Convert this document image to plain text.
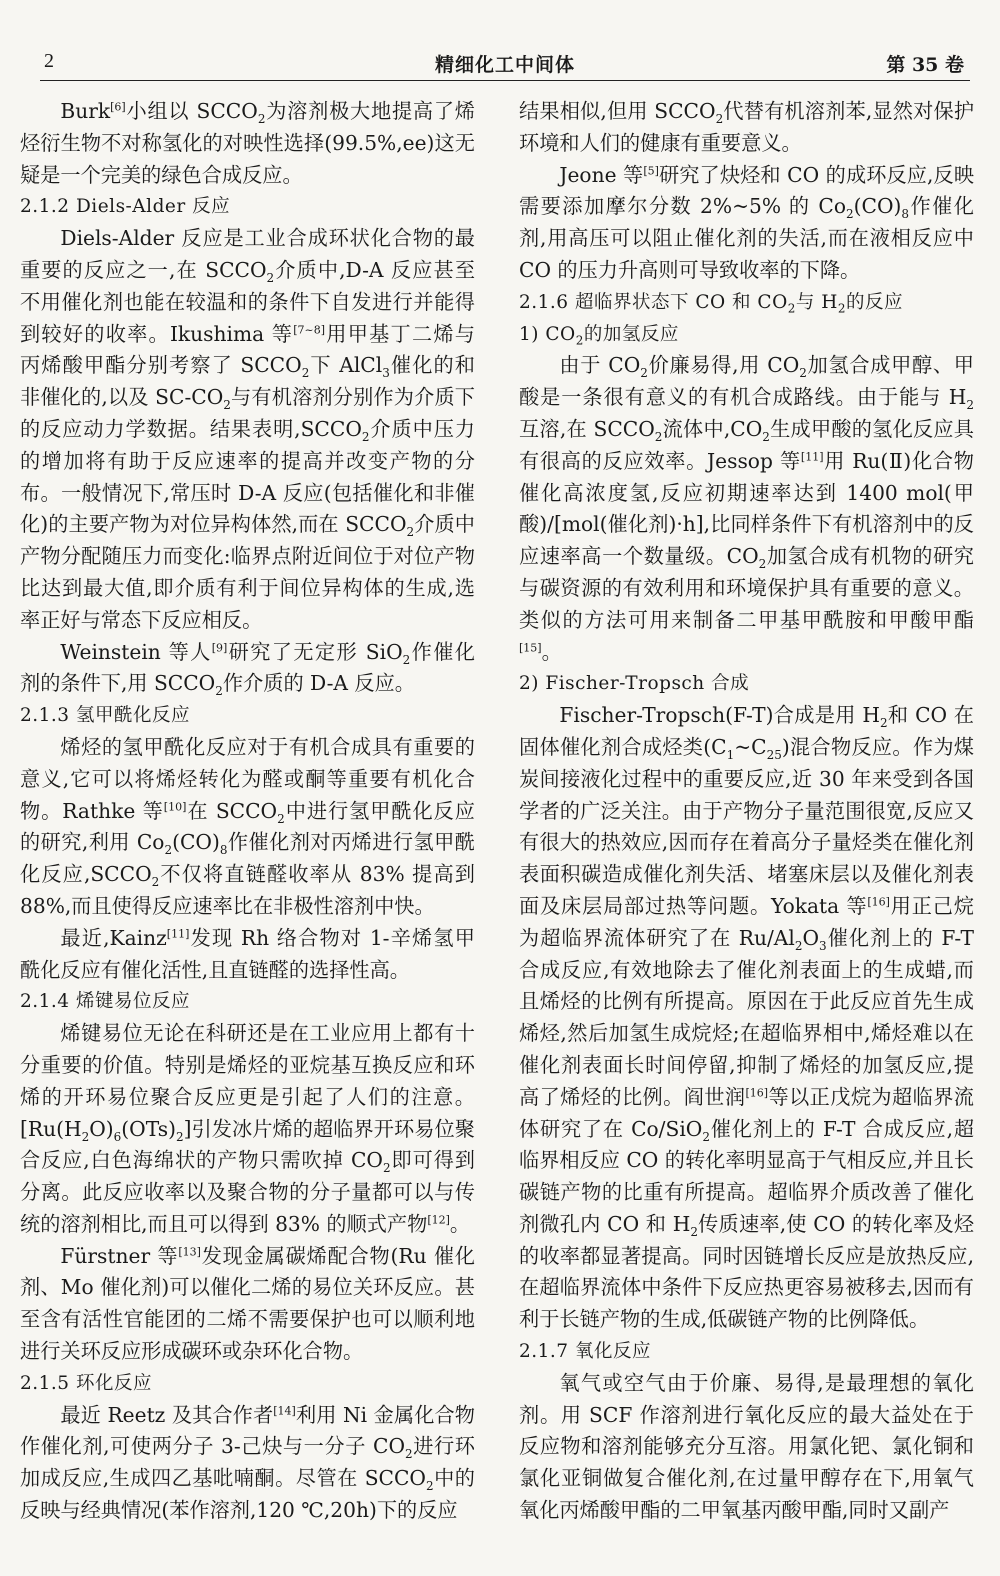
2	精细化工中间体	第 35 卷

Burk[6]小组以 $SCCO_2$为溶剂极大地提高了烯烃衍生物不对称氢化的对映性选择(99.5%,ee)这无疑是一个完美的绿色合成反应。

2.1.2 Diels-Alder 反应

Diels-Alder 反应是工业合成环状化合物的最重要的反应之一,在 $SCCO_2$介质中,D-A 反应甚至不用催化剂也能在较温和的条件下自发进行并能得到较好的收率。Ikushima 等[7~8]用甲基丁二烯与丙烯酸甲酯分别考察了 $SCCO_2$下 AlCl$_3$催化的和非催化的,以及 $SC-CO_2$与有机溶剂分别作为介质下的反应动力学数据。结果表明$,SCCO_2$介质中压力的增加将有助于反应速率的提高并改变产物的分布。一般情况下,常压时 D-A 反应(包括催化和非催化)的主要产物为对位异构体然,而在 $SCCO_2$介质中产物分配随压力而变化:临界点附近间位于对位产物比达到最大值,即介质有利于间位异构体的生成,选率正好与常态下反应相反。

Weinstein 等人[9]研究了无定形 SiO$_2$作催化剂的条件下,用 $SCCO_2$作介质的 D-A 反应。

2.1.3 氢甲酰化反应

烯烃的氢甲酰化反应对于有机合成具有重要的意义,它可以将烯烃转化为醛或酮等重要有机化合物。Rathke 等[10]在 $SCCO_2$中进行氢甲酰化反应的研究,利用 $Co_2(CO)_8$作催化剂对丙烯进行氢甲酰化反应$,SCCO_2$不仅将直链醛收率从 83% 提高到 88%,而且使得反应速率比在非极性溶剂中快。

最近,Kainz[11]发现 Rh 络合物对 1-辛烯氢甲酰化反应有催化活性,且直链醛的选择性高。

2.1.4 烯键易位反应

烯键易位无论在科研还是在工业应用上都有十分重要的价值。特别是烯烃的亚烷基互换反应和环烯的开环易位聚合反应更是引起了人们的注意。$[Ru(H_2O)_6(OTs)_2]$引发冰片烯的超临界开环易位聚合反应,白色海绵状的产物只需吹掉 $CO_2$即可得到分离。此反应收率以及聚合物的分子量都可以与传统的溶剂相比,而且可以得到 83% 的顺式产物[12]。

Fürstner 等[13]发现金属碳烯配合物(Ru 催化剂、Mo 催化剂)可以催化二烯的易位关环反应。甚至含有活性官能团的二烯不需要保护也可以顺利地进行关环反应形成碳环或杂环化合物。

2.1.5 环化反应

最近 Reetz 及其合作者[14]利用 Ni 金属化合物作催化剂,可使两分子 3-己炔与一分子 $CO_2$进行环加成反应,生成四乙基吡喃酮。尽管在 $SCCO_2$中的反映与经典情况(苯作溶剂,120 ℃,20h)下的反应

结果相似,但用 $SCCO_2$代替有机溶剂苯,显然对保护环境和人们的健康有重要意义。

Jeone 等[5]研究了炔烃和 CO 的成环反应,反映需要添加摩尔分数 2%~5% 的 $Co_2(CO)_8$作催化剂,用高压可以阻止催化剂的失活,而在液相反应中 CO 的压力升高则可导致收率的下降。

2.1.6 超临界状态下 CO 和 $CO_2$与 $H_2$的反应

1) $CO_2$的加氢反应

由于 $CO_2$价廉易得,用 $CO_2$加氢合成甲醇、甲酸是一条很有意义的有机合成路线。由于能与 $H_2$互溶,在 $SCCO_2$流体中$,CO_2$生成甲酸的氢化反应具有很高的反应效率。Jessop 等[11]用 Ru(Ⅱ)化合物催化高浓度氢,反应初期速率达到 1400 mol(甲酸)/[mol(催化剂)·h],比同样条件下有机溶剂中的反应速率高一个数量级。$CO_2$加氢合成有机物的研究与碳资源的有效利用和环境保护具有重要的意义。类似的方法可用来制备二甲基甲酰胺和甲酸甲酯[15]。

2) Fischer-Tropsch 合成

Fischer-Tropsch(F-T)合成是用 $H_2$和 CO 在固体催化剂合成烃类$(C_1\sim C_{25})$混合物反应。作为煤炭间接液化过程中的重要反应,近 30 年来受到各国学者的广泛关注。由于产物分子量范围很宽,反应又有很大的热效应,因而存在着高分子量烃类在催化剂表面积碳造成催化剂失活、堵塞床层以及催化剂表面及床层局部过热等问题。Yokata 等[16]用正己烷为超临界流体研究了在 $Ru/Al_2O_3$催化剂上的 F-T 合成反应,有效地除去了催化剂表面上的生成蜡,而且烯烃的比例有所提高。原因在于此反应首先生成烯烃,然后加氢生成烷烃;在超临界相中,烯烃难以在催化剂表面长时间停留,抑制了烯烃的加氢反应,提高了烯烃的比例。阎世润[16]等以正戊烷为超临界流体研究了在 Co/SiO$_2$催化剂上的 F-T 合成反应,超临界相反应 CO 的转化率明显高于气相反应,并且长碳链产物的比重有所提高。超临界介质改善了催化剂微孔内 CO 和 $H_2$传质速率,使 CO 的转化率及烃的收率都显著提高。同时因链增长反应是放热反应,在超临界流体中条件下反应热更容易被移去,因而有利于长链产物的生成,低碳链产物的比例降低。

2.1.7 氧化反应

氧气或空气由于价廉、易得,是最理想的氧化剂。用 SCF 作溶剂进行氧化反应的最大益处在于反应物和溶剂能够充分互溶。用氯化钯、氯化铜和氯化亚铜做复合催化剂,在过量甲醇存在下,用氧气氧化丙烯酸甲酯的二甲氧基丙酸甲酯,同时又副产
